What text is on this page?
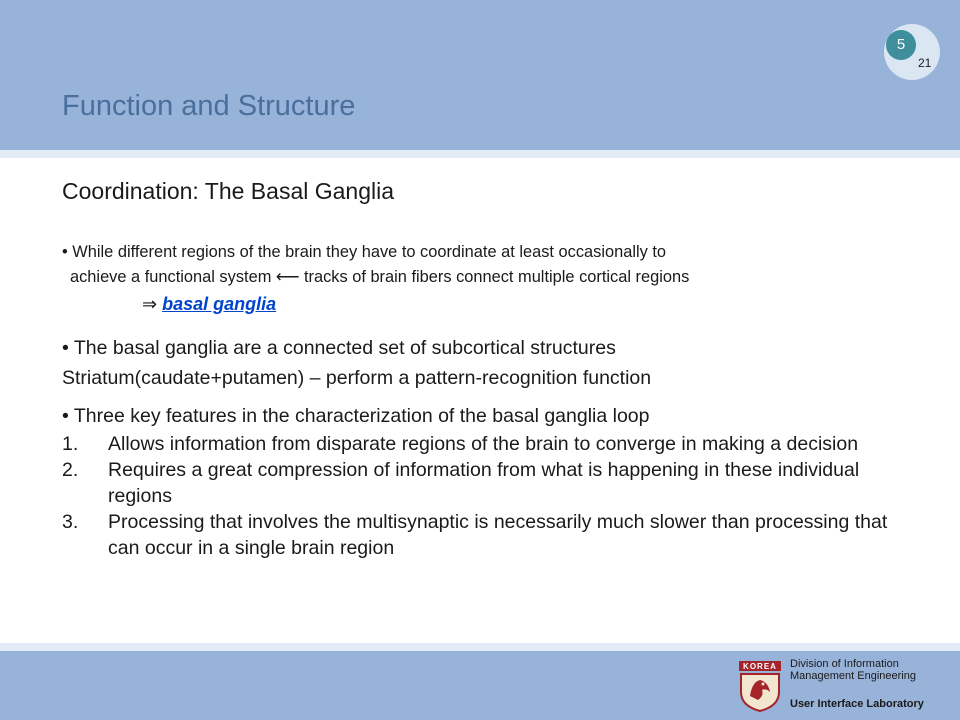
Function and Structure
5
21
Coordination: The Basal Ganglia
• While different regions of the brain they have to coordinate at least occasionally to
achieve a functional system ⟵ tracks of brain fibers connect multiple cortical regions
⇒ basal ganglia
• The basal ganglia are a connected set of subcortical structures
Striatum(caudate+putamen) – perform a pattern-recognition function
• Three key features in the characterization of the basal ganglia loop
1. Allows information from disparate regions of the brain to converge in making a decision
2. Requires a great compression of information from what is happening in these individual regions
3. Processing that involves the multisynaptic is necessarily much slower than processing that can occur in a single brain region
KOREA Division of Information
Management Engineering
User Interface Laboratory
